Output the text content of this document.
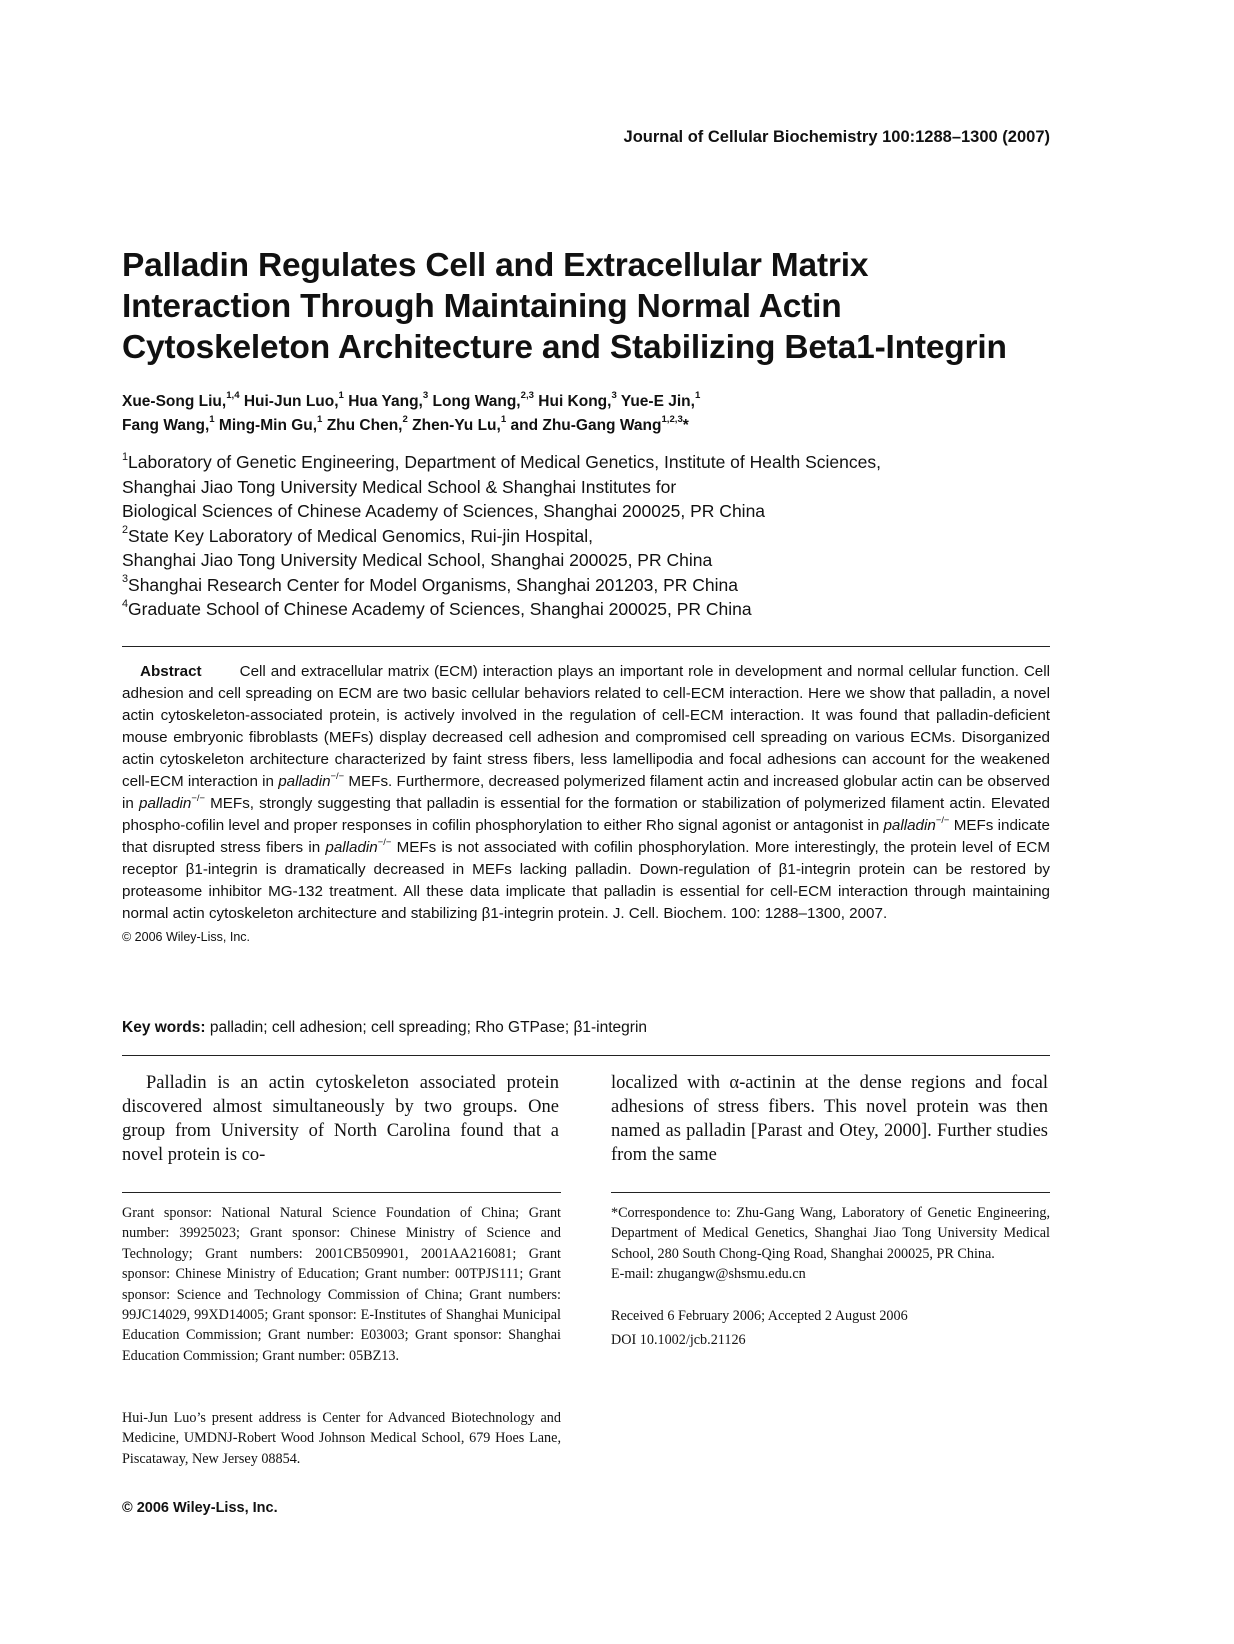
Journal of Cellular Biochemistry 100:1288–1300 (2007)
Palladin Regulates Cell and Extracellular Matrix
Interaction Through Maintaining Normal Actin
Cytoskeleton Architecture and Stabilizing Beta1-Integrin
Xue-Song Liu,$^{1,4}$ Hui-Jun Luo,$^1$ Hua Yang,$^3$ Long Wang,$^{2,3}$ Hui Kong,$^3$ Yue-E Jin,$^1$
Fang Wang,$^1$ Ming-Min Gu,$^1$ Zhu Chen,$^2$ Zhen-Yu Lu,$^1$ and Zhu-Gang Wang$^{1,2,3}$*
$^1$Laboratory of Genetic Engineering, Department of Medical Genetics, Institute of Health Sciences,
Shanghai Jiao Tong University Medical School & Shanghai Institutes for
Biological Sciences of Chinese Academy of Sciences, Shanghai 200025, PR China
$^2$State Key Laboratory of Medical Genomics, Rui-jin Hospital,
Shanghai Jiao Tong University Medical School, Shanghai 200025, PR China
$^3$Shanghai Research Center for Model Organisms, Shanghai 201203, PR China
$^4$Graduate School of Chinese Academy of Sciences, Shanghai 200025, PR China
Abstract	Cell and extracellular matrix (ECM) interaction plays an important role in development and normal cellular function. Cell adhesion and cell spreading on ECM are two basic cellular behaviors related to cell-ECM interaction. Here we show that palladin, a novel actin cytoskeleton-associated protein, is actively involved in the regulation of cell-ECM interaction. It was found that palladin-deficient mouse embryonic fibroblasts (MEFs) display decreased cell adhesion and compromised cell spreading on various ECMs. Disorganized actin cytoskeleton architecture characterized by faint stress fibers, less lamellipodia and focal adhesions can account for the weakened cell-ECM interaction in palladin−/− MEFs. Furthermore, decreased polymerized filament actin and increased globular actin can be observed in palladin−/− MEFs, strongly suggesting that palladin is essential for the formation or stabilization of polymerized filament actin. Elevated phospho-cofilin level and proper responses in cofilin phosphorylation to either Rho signal agonist or antagonist in palladin−/− MEFs indicate that disrupted stress fibers in palladin−/− MEFs is not associated with cofilin phosphorylation. More interestingly, the protein level of ECM receptor β1-integrin is dramatically decreased in MEFs lacking palladin. Down-regulation of β1-integrin protein can be restored by proteasome inhibitor MG-132 treatment. All these data implicate that palladin is essential for cell-ECM interaction through maintaining normal actin cytoskeleton architecture and stabilizing β1-integrin protein. J. Cell. Biochem. 100: 1288–1300, 2007.
© 2006 Wiley-Liss, Inc.
Key words: palladin; cell adhesion; cell spreading; Rho GTPase; β1-integrin
Palladin is an actin cytoskeleton associated protein discovered almost simultaneously by two groups. One group from University of North Carolina found that a novel protein is co-
localized with α-actinin at the dense regions and focal adhesions of stress fibers. This novel protein was then named as palladin [Parast and Otey, 2000]. Further studies from the same
Grant sponsor: National Natural Science Foundation of China; Grant number: 39925023; Grant sponsor: Chinese Ministry of Science and Technology; Grant numbers: 2001CB509901, 2001AA216081; Grant sponsor: Chinese Ministry of Education; Grant number: 00TPJS111; Grant sponsor: Science and Technology Commission of China; Grant numbers: 99JC14029, 99XD14005; Grant sponsor: E-Institutes of Shanghai Municipal Education Commission; Grant number: E03003; Grant sponsor: Shanghai Education Commission; Grant number: 05BZ13.
Hui-Jun Luo’s present address is Center for Advanced Biotechnology and Medicine, UMDNJ-Robert Wood Johnson Medical School, 679 Hoes Lane, Piscataway, New Jersey 08854.
© 2006 Wiley-Liss, Inc.
*Correspondence to: Zhu-Gang Wang, Laboratory of Genetic Engineering, Department of Medical Genetics, Shanghai Jiao Tong University Medical School, 280 South Chong-Qing Road, Shanghai 200025, PR China.
E-mail: zhugangw@shsmu.edu.cn
Received 6 February 2006; Accepted 2 August 2006
DOI 10.1002/jcb.21126
